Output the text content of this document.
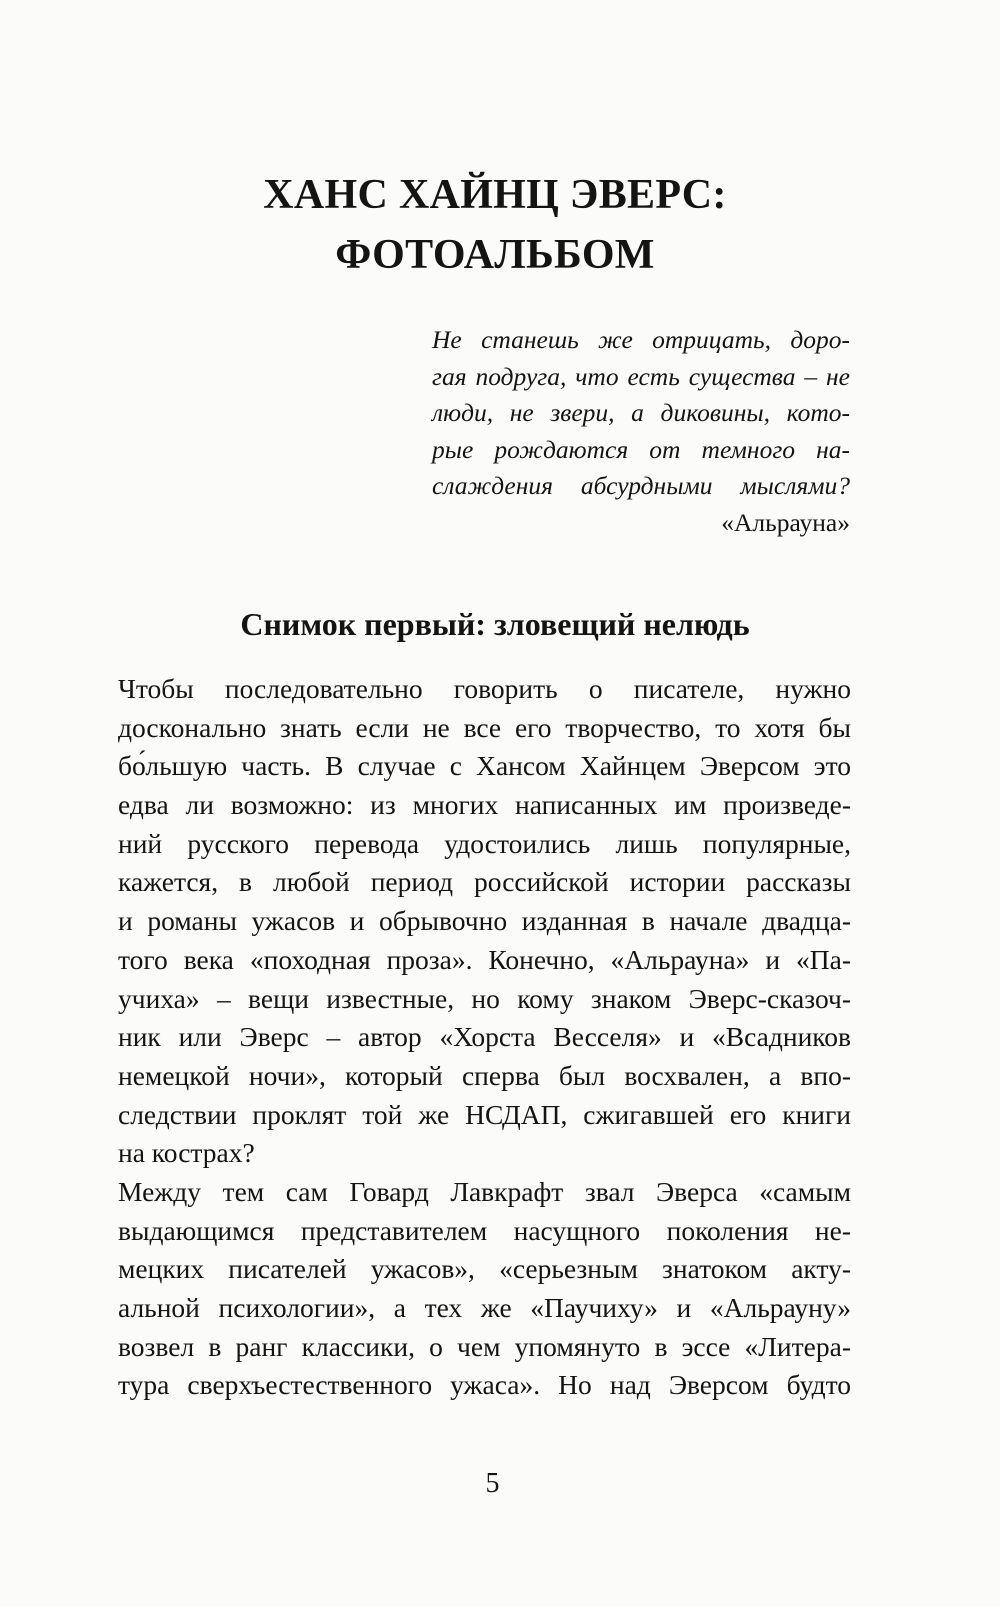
ХАНС ХАЙНЦ ЭВЕРС:
ФОТОАЛЬБОМ
Не станешь же отрицать, доро-
гая подруга, что есть существа – не
люди, не звери, а диковины, кото-
рые рождаются от темного на-
слаждения абсурдными мыслями?
«Альрауна»
Снимок первый: зловещий нелюдь
Чтобы последовательно говорить о писателе, нужно
досконально знать если не все его творчество, то хотя бы
бо́льшую часть. В случае с Хансом Хайнцем Эверсом это
едва ли возможно: из многих написанных им произведе-
ний русского перевода удостоились лишь популярные,
кажется, в любой период российской истории рассказы
и романы ужасов и обрывочно изданная в начале двадца-
того века «походная проза». Конечно, «Альрауна» и «Па-
учиха» – вещи известные, но кому знаком Эверс-сказоч-
ник или Эверс – автор «Хорста Весселя» и «Всадников
немецкой ночи», который сперва был восхвален, а впо-
следствии проклят той же НСДАП, сжигавшей его книги
на кострах?
Между тем сам Говард Лавкрафт звал Эверса «самым
выдающимся представителем насущного поколения не-
мецких писателей ужасов», «серьезным знатоком акту-
альной психологии», а тех же «Паучиху» и «Альрауну»
возвел в ранг классики, о чем упомянуто в эссе «Литера-
тура сверхъестественного ужаса». Но над Эверсом будто
5
